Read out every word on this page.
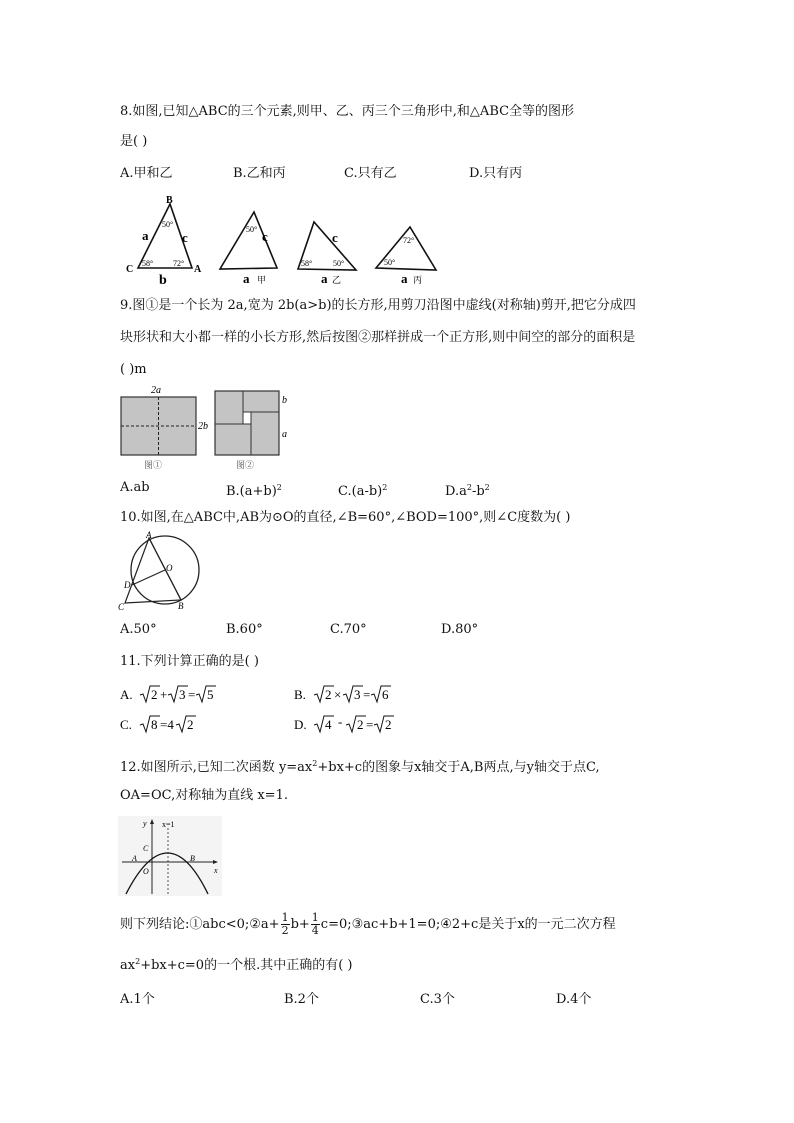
8.如图,已知△ABC的三个元素,则甲、乙、丙三个三角形中,和△ABC全等的图形
是( )
A.甲和乙	B.乙和丙	C.只有乙	D.只有丙
B
C	A
a
b
c
50°
58° 72°
50° c
a 甲
c
58°	50°
a 乙
72°
50°
a 丙
9.图①是一个长为 2a,宽为 2b(a>b)的长方形,用剪刀沿图中虚线(对称轴)剪开,把它分成四
块形状和大小都一样的小长方形,然后按图②那样拼成一个正方形,则中间空的部分的面积是
( )m
2a
2b
图①
b
a
图②
A.ab	$B.(a+b)^2$	$C.(a-b)^2$	$D.a^2-b^2$
10.如图,在△ABC中,AB为⊙O的直径,∠B=60°,∠BOD=100°,则∠C度数为( )
A
O
D
C	B
A.50°	B.60°	C.70°	D.80°
11.下列计算正确的是( )
A. 2 + 3 = 5	B. 2 × 3 = 6
C. 8 =4 2	D. 4 - 2 = 2
12.如图所示,已知二次函数 $y=ax^2+bx+c$的图象与x轴交于A,B两点,与y轴交于点C,
OA=OC,对称轴为直线 x=1.
y
x
x=1
A	B
C
O
则下列结论:①abc<0;②a+ $\frac{1}{2} b+ \frac{1}{4}$ c=0;③ac+b+1=0;④2+c是关于x的一元二次方程
$ax^2+bx+c=0$的一个根.其中正确的有( )
A.1个	B.2个	C.3个	D.4个
